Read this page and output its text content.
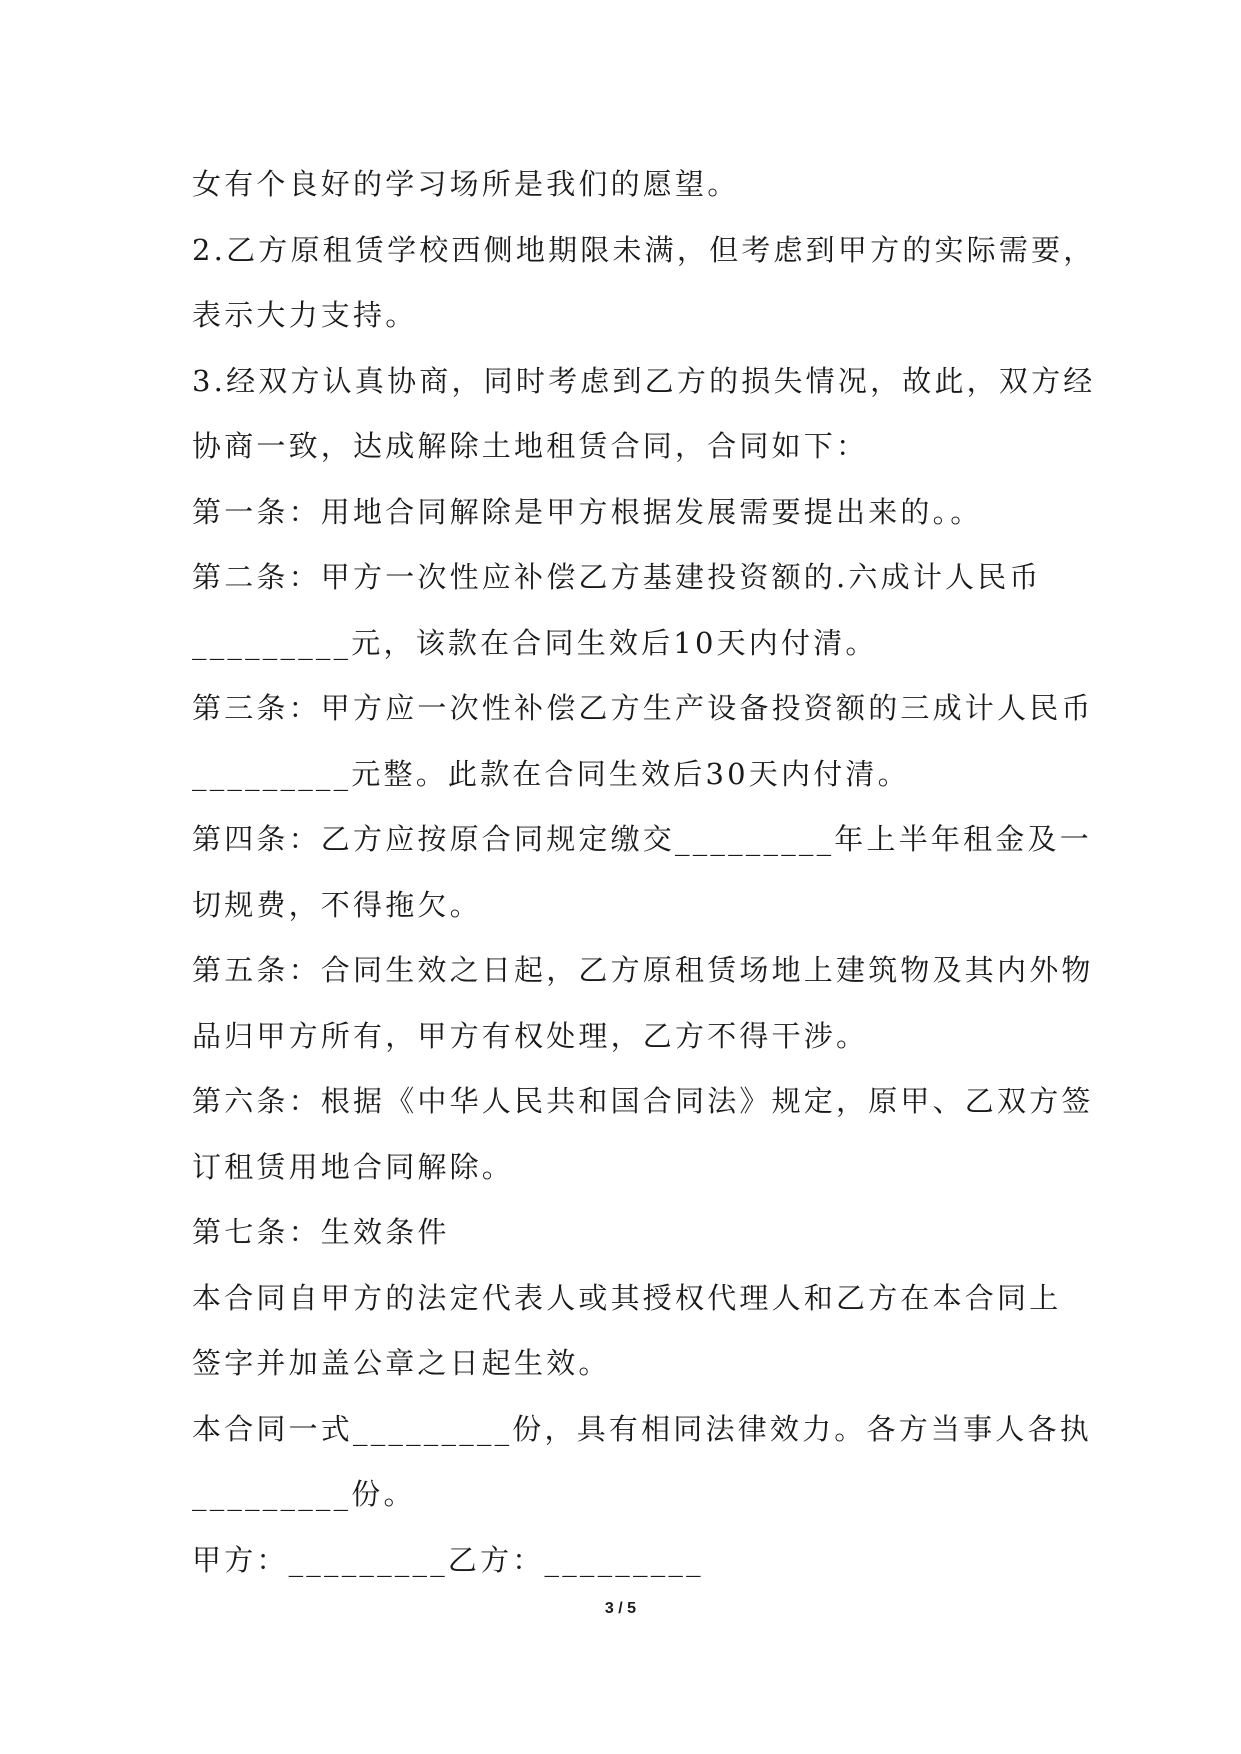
女有个良好的学习场所是我们的愿望。
2.乙方原租赁学校西侧地期限未满，但考虑到甲方的实际需要，
表示大力支持。
3.经双方认真协商，同时考虑到乙方的损失情况，故此，双方经
协商一致，达成解除土地租赁合同，合同如下：
第一条：用地合同解除是甲方根据发展需要提出来的。。
第二条：甲方一次性应补偿乙方基建投资额的.六成计人民币
_________元，该款在合同生效后10天内付清。
第三条：甲方应一次性补偿乙方生产设备投资额的三成计人民币
_________元整。此款在合同生效后30天内付清。
第四条：乙方应按原合同规定缴交_________年上半年租金及一
切规费，不得拖欠。
第五条：合同生效之日起，乙方原租赁场地上建筑物及其内外物
品归甲方所有，甲方有权处理，乙方不得干涉。
第六条：根据《中华人民共和国合同法》规定，原甲、乙双方签
订租赁用地合同解除。
第七条：生效条件
本合同自甲方的法定代表人或其授权代理人和乙方在本合同上
签字并加盖公章之日起生效。
本合同一式_________份，具有相同法律效力。各方当事人各执
_________份。
甲方：_________乙方：_________
3 / 5
